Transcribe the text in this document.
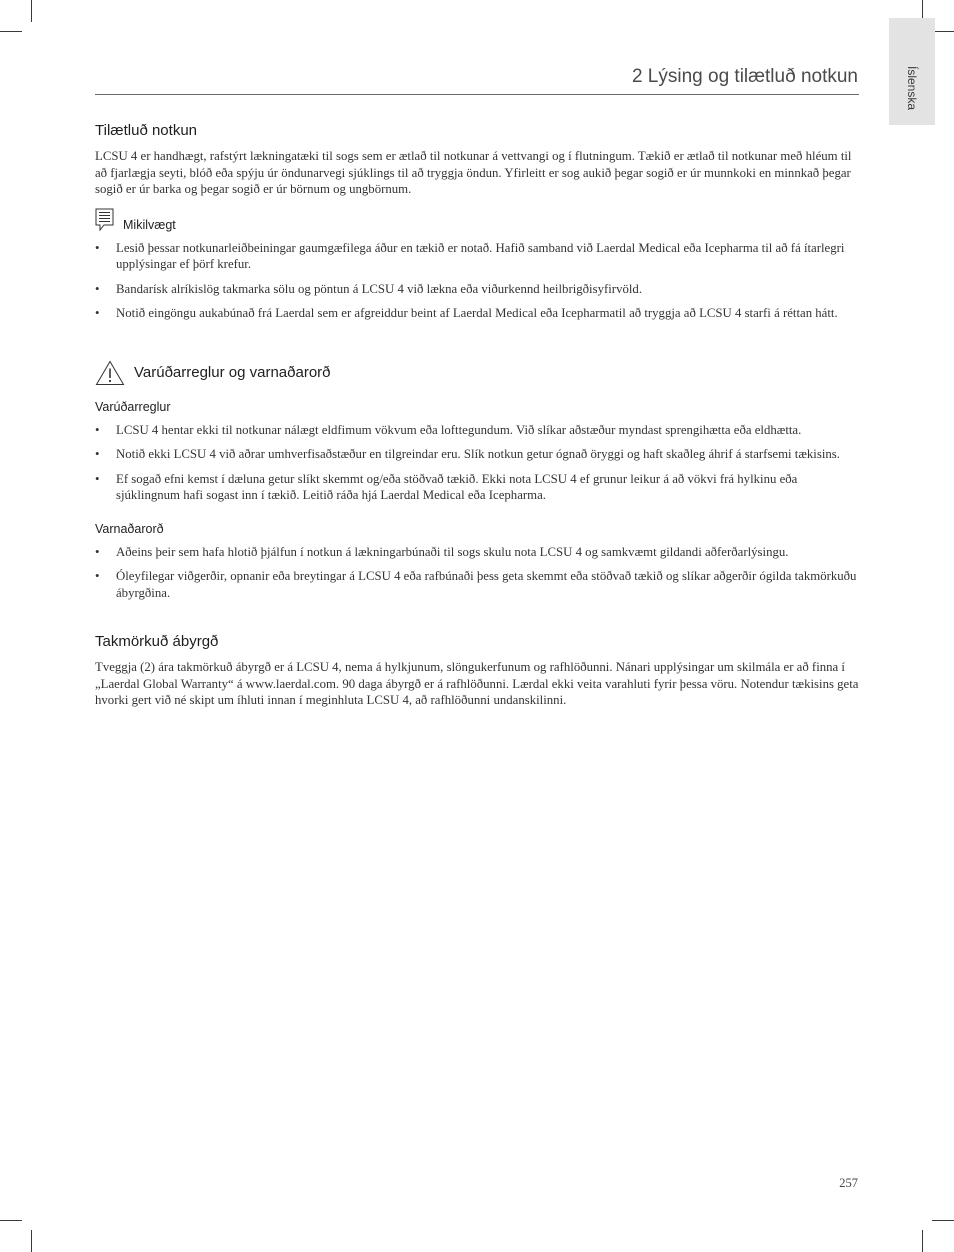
Íslenska
2 Lýsing og tilætluð notkun
Tilætluð notkun

LCSU 4 er handhægt, rafstýrt lækningatæki til sogs sem er ætlað til notkunar á vettvangi og í flutningum. Tækið er ætlað til notkunar með hléum til að fjarlægja seyti, blóð eða spýju úr öndunarvegi sjúklings til að tryggja öndun. Yfirleitt er sog aukið þegar sogið er úr munnkoki en minnkað þegar sogið er úr barka og þegar sogið er úr börnum og ungbörnum.

Mikilvægt
• Lesið þessar notkunarleiðbeiningar gaumgæfilega áður en tækið er notað. Hafið samband við Laerdal Medical eða Icepharma til að fá ítarlegri upplýsingar ef þörf krefur.
• Bandarísk alríkislög takmarka sölu og pöntun á LCSU 4 við lækna eða viðurkennd heilbrigðisyfirvöld.
• Notið eingöngu aukabúnað frá Laerdal sem er afgreiddur beint af Laerdal Medical eða Icepharmatil að tryggja að LCSU 4 starfi á réttan hátt.
Varúðarreglur og varnaðarorð
Varúðarreglur
• LCSU 4 hentar ekki til notkunar nálægt eldfimum vökvum eða lofttegundum. Við slíkar aðstæður myndast sprengihætta eða eldhætta.
• Notið ekki LCSU 4 við aðrar umhverfisaðstæður en tilgreindar eru. Slík notkun getur ógnað öryggi og haft skaðleg áhrif á starfsemi tækisins.
• Ef sogað efni kemst í dæluna getur slíkt skemmt og/eða stöðvað tækið. Ekki nota LCSU 4 ef grunur leikur á að vökvi frá hylkinu eða sjúklingnum hafi sogast inn í tækið. Leitið ráða hjá Laerdal Medical eða Icepharma.
Varnaðarorð
• Aðeins þeir sem hafa hlotið þjálfun í notkun á lækningarbúnaði til sogs skulu nota LCSU 4 og samkvæmt gildandi aðferðarlýsingu.
• Óleyfilegar viðgerðir, opnanir eða breytingar á LCSU 4 eða rafbúnaði þess geta skemmt eða stöðvað tækið og slíkar aðgerðir ógilda takmörkuðu ábyrgðina.
Takmörkuð ábyrgð

Tveggja (2) ára takmörkuð ábyrgð er á LCSU 4, nema á hylkjunum, slöngukerfunum og rafhlöðunni. Nánari upplýsingar um skilmála er að finna í „Laerdal Global Warranty“ á www.laerdal.com. 90 daga ábyrgð er á rafhlöðunni. Lærdal ekki veita varahluti fyrir þessa vöru. Notendur tækisins geta hvorki gert við né skipt um íhluti innan í meginhluta LCSU 4, að rafhlöðunni undanskilinni.

257
